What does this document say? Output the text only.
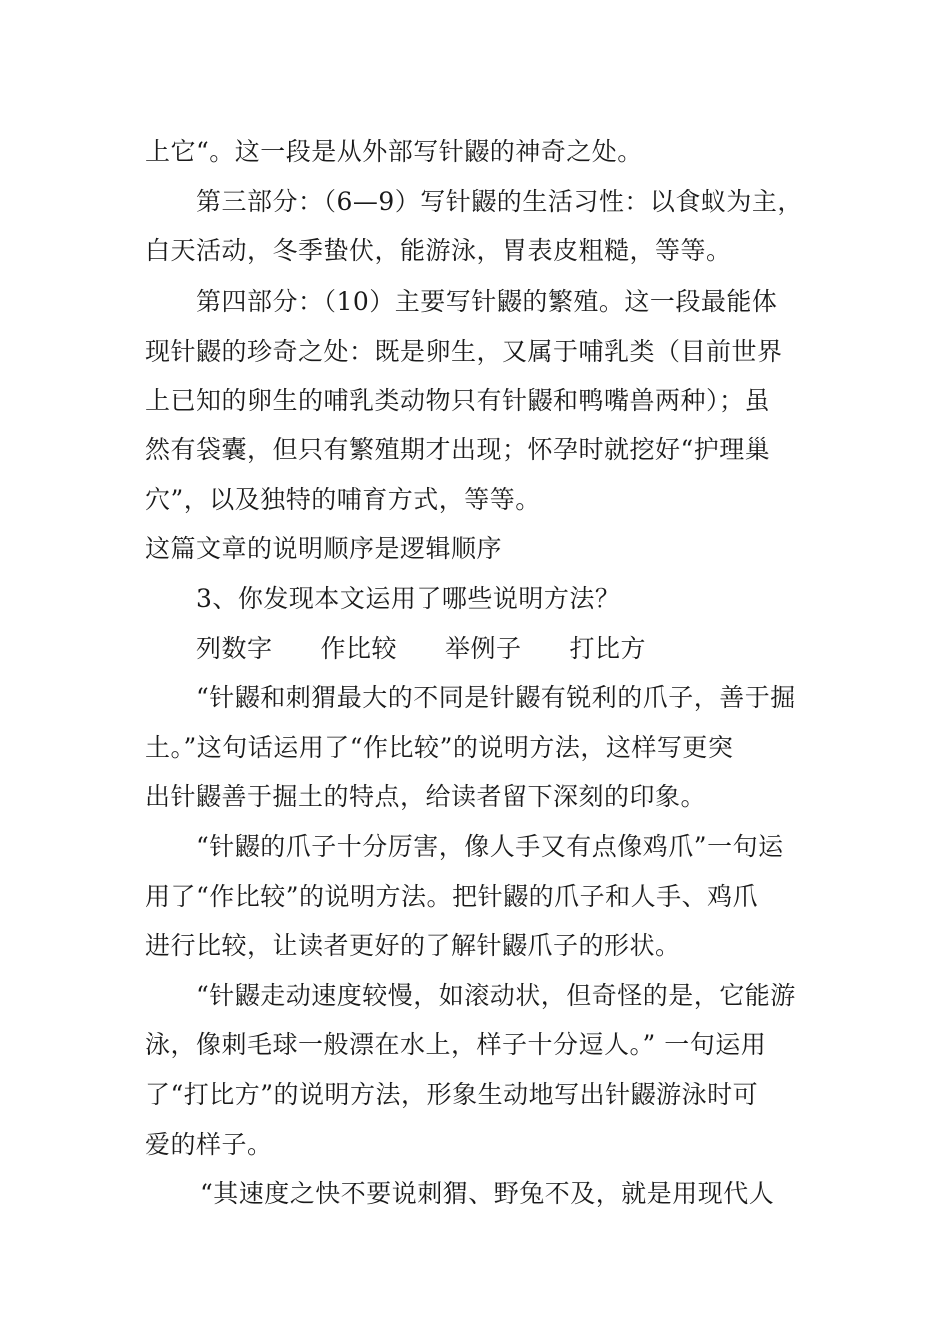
上它“。这一段是从外部写针鼹的神奇之处。
第三部分：（6—9）写针鼹的生活习性：以食蚁为主，
白天活动，冬季蛰伏，能游泳，胃表皮粗糙，等等。
第四部分：（10）主要写针鼹的繁殖。这一段最能体
现针鼹的珍奇之处：既是卵生，又属于哺乳类（目前世界
上已知的卵生的哺乳类动物只有针鼹和鸭嘴兽两种）；虽
然有袋囊，但只有繁殖期才出现；怀孕时就挖好“护理巢
穴”，以及独特的哺育方式，等等。
这篇文章的说明顺序是逻辑顺序
3、你发现本文运用了哪些说明方法？
列数字 作比较 举例子 打比方
“针鼹和刺猬最大的不同是针鼹有锐利的爪子，善于掘
土。”这句话运用了“作比较”的说明方法，这样写更突
出针鼹善于掘土的特点，给读者留下深刻的印象。
“针鼹的爪子十分厉害，像人手又有点像鸡爪”一句运
用了“作比较”的说明方法。把针鼹的爪子和人手、鸡爪
进行比较，让读者更好的了解针鼹爪子的形状。
“针鼹走动速度较慢，如滚动状，但奇怪的是，它能游
泳，像刺毛球一般漂在水上，样子十分逗人。” 一句运用
了“打比方”的说明方法，形象生动地写出针鼹游泳时可
爱的样子。
“其速度之快不要说刺猬、野兔不及，就是用现代人
